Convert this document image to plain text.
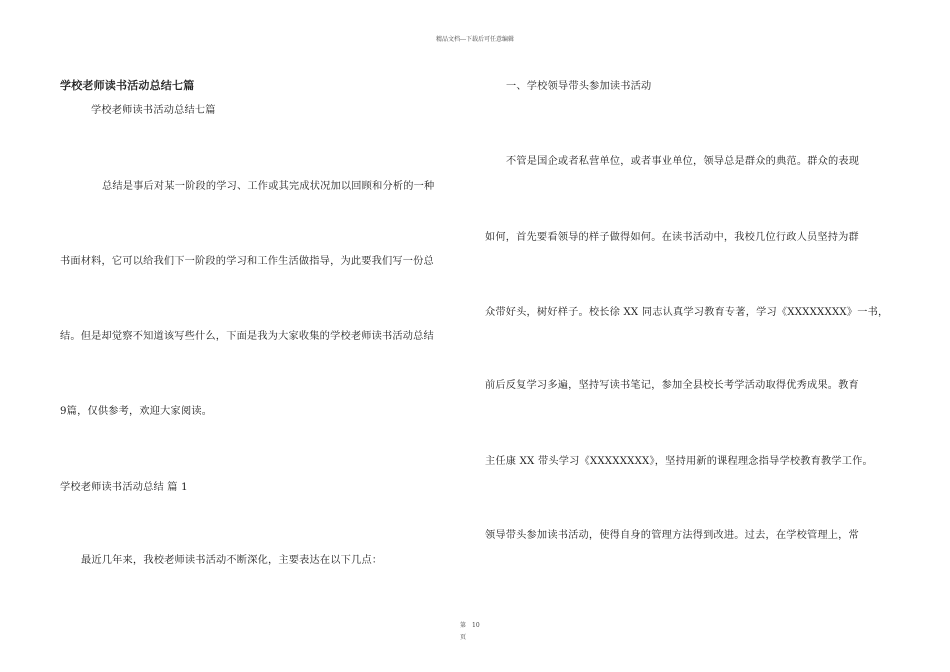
精品文档---下载后可任意编辑
学校老师读书活动总结七篇
学校老师读书活动总结七篇
总结是事后对某一阶段的学习、工作或其完成状况加以回顾和分析的一种
书面材料，它可以给我们下一阶段的学习和工作生活做指导，为此要我们写一份总
结。但是却觉察不知道该写些什么，下面是我为大家收集的学校老师读书活动总结
9篇，仅供参考，欢迎大家阅读。
学校老师读书活动总结 篇 1
最近几年来，我校老师读书活动不断深化，主要表达在以下几点：
一、学校领导带头参加读书活动
不管是国企或者私营单位，或者事业单位，领导总是群众的典范。群众的表现
如何，首先要看领导的样子做得如何。在读书活动中，我校几位行政人员坚持为群
众带好头，树好样子。校长徐 XX 同志认真学习教育专著，学习《XXXXXXXX》一书，
前后反复学习多遍，坚持写读书笔记，参加全县校长考学活动取得优秀成果。教育
主任康 XX 带头学习《XXXXXXXX》，坚持用新的课程理念指导学校教育教学工作。
领导带头参加读书活动，使得自身的管理方法得到改进。过去，在学校管理上，常
第 10
页
